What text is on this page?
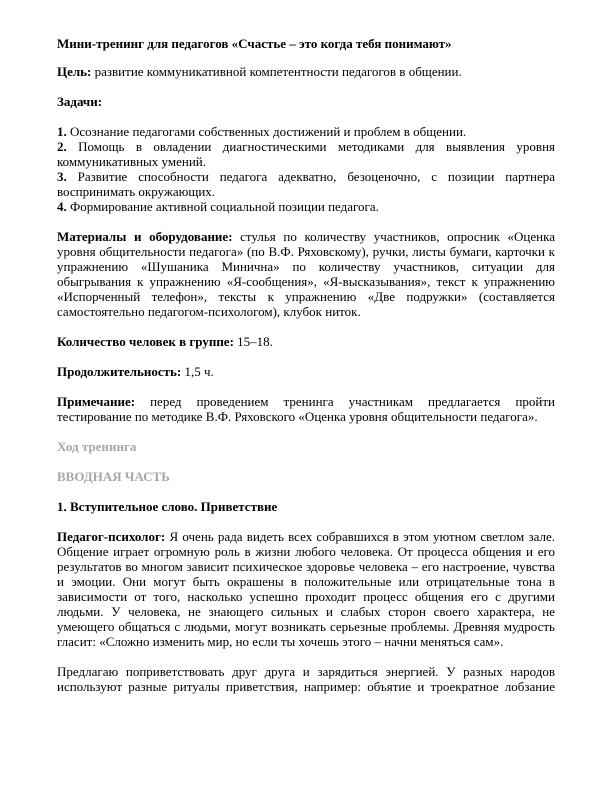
Мини-тренинг для педагогов «Счастье – это когда тебя понимают»

Цель: развитие коммуникативной компетентности педагогов в общении.

Задачи:

1. Осознание педагогами собственных достижений и проблем в общении.

2. Помощь в овладении диагностическими методиками для выявления уровня коммуникативных умений.

3. Развитие способности педагога адекватно, безоценочно, с позиции партнера воспринимать окружающих.

4. Формирование активной социальной позиции педагога.

Материалы и оборудование: стулья по количеству участников, опросник «Оценка уровня общительности педагога» (по В.Ф. Ряховскому), ручки, листы бумаги, карточки к упражнению «Шушаника Минична» по количеству участников, ситуации для обыгрывания к упражнению «Я-сообщения», «Я-высказывания», текст к упражнению «Испорченный телефон», тексты к упражнению «Две подружки» (составляется самостоятельно педагогом-психологом), клубок ниток.

Количество человек в группе: 15–18.

Продолжительность: 1,5 ч.

Примечание: перед проведением тренинга участникам предлагается пройти тестирование по методике В.Ф. Ряховского «Оценка уровня общительности педагога».

Ход тренинга

ВВОДНАЯ ЧАСТЬ

1. Вступительное слово. Приветствие

Педагог-психолог: Я очень рада видеть всех собравшихся в этом уютном светлом зале. Общение играет огромную роль в жизни любого человека. От процесса общения и его результатов во многом зависит психическое здоровье человека – его настроение, чувства и эмоции. Они могут быть окрашены в положительные или отрицательные тона в зависимости от того, насколько успешно проходит процесс общения его с другими людьми. У человека, не знающего сильных и слабых сторон своего характера, не умеющего общаться с людьми, могут возникать серьезные проблемы. Древняя мудрость гласит: «Сложно изменить мир, но если ты хочешь этого – начни меняться сам».

Предлагаю поприветствовать друг друга и зарядиться энергией. У разных народов используют разные ритуалы приветствия, например: объятие и троекратное лобзание
